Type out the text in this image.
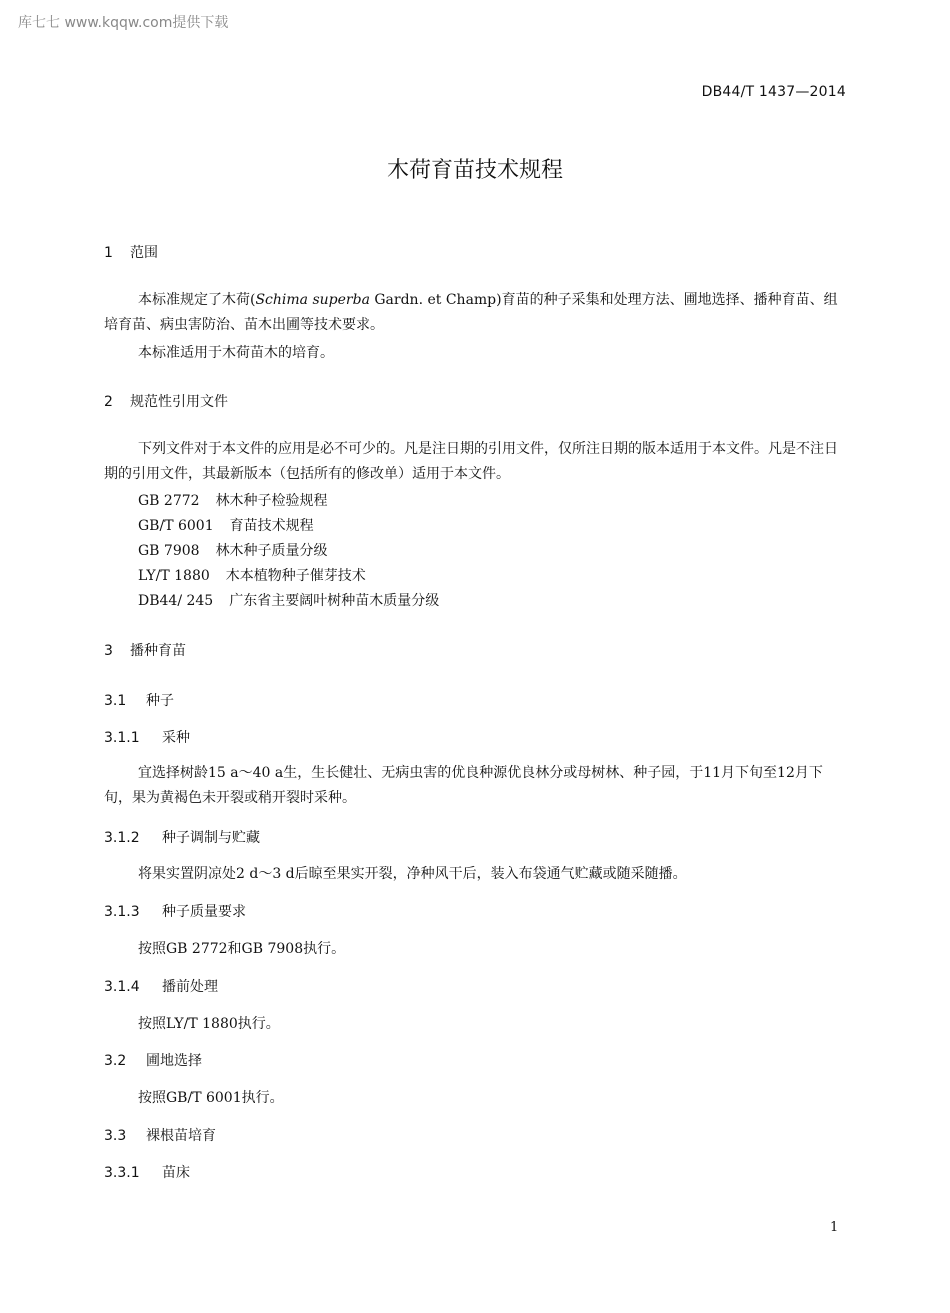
库七七 www.kqqw.com提供下载
DB44/T 1437—2014
木荷育苗技术规程
1 范围
本标准规定了木荷(Schima superba Gardn. et Champ)育苗的种子采集和处理方法、圃地选择、播种育苗、组培育苗、病虫害防治、苗木出圃等技术要求。
本标准适用于木荷苗木的培育。
2 规范性引用文件
下列文件对于本文件的应用是必不可少的。凡是注日期的引用文件，仅所注日期的版本适用于本文件。凡是不注日期的引用文件，其最新版本（包括所有的修改单）适用于本文件。
GB 2772 林木种子检验规程
GB/T 6001 育苗技术规程
GB 7908 林木种子质量分级
LY/T 1880 木本植物种子催芽技术
DB44/ 245 广东省主要阔叶树种苗木质量分级
3 播种育苗
3.1 种子
3.1.1 采种
宜选择树龄15 a～40 a生，生长健壮、无病虫害的优良种源优良林分或母树林、种子园，于11月下旬至12月下旬，果为黄褐色未开裂或稍开裂时采种。
3.1.2 种子调制与贮藏
将果实置阴凉处2 d～3 d后晾至果实开裂，净种风干后，装入布袋通气贮藏或随采随播。
3.1.3 种子质量要求
按照GB 2772和GB 7908执行。
3.1.4 播前处理
按照LY/T 1880执行。
3.2 圃地选择
按照GB/T 6001执行。
3.3 裸根苗培育
3.3.1 苗床
1
